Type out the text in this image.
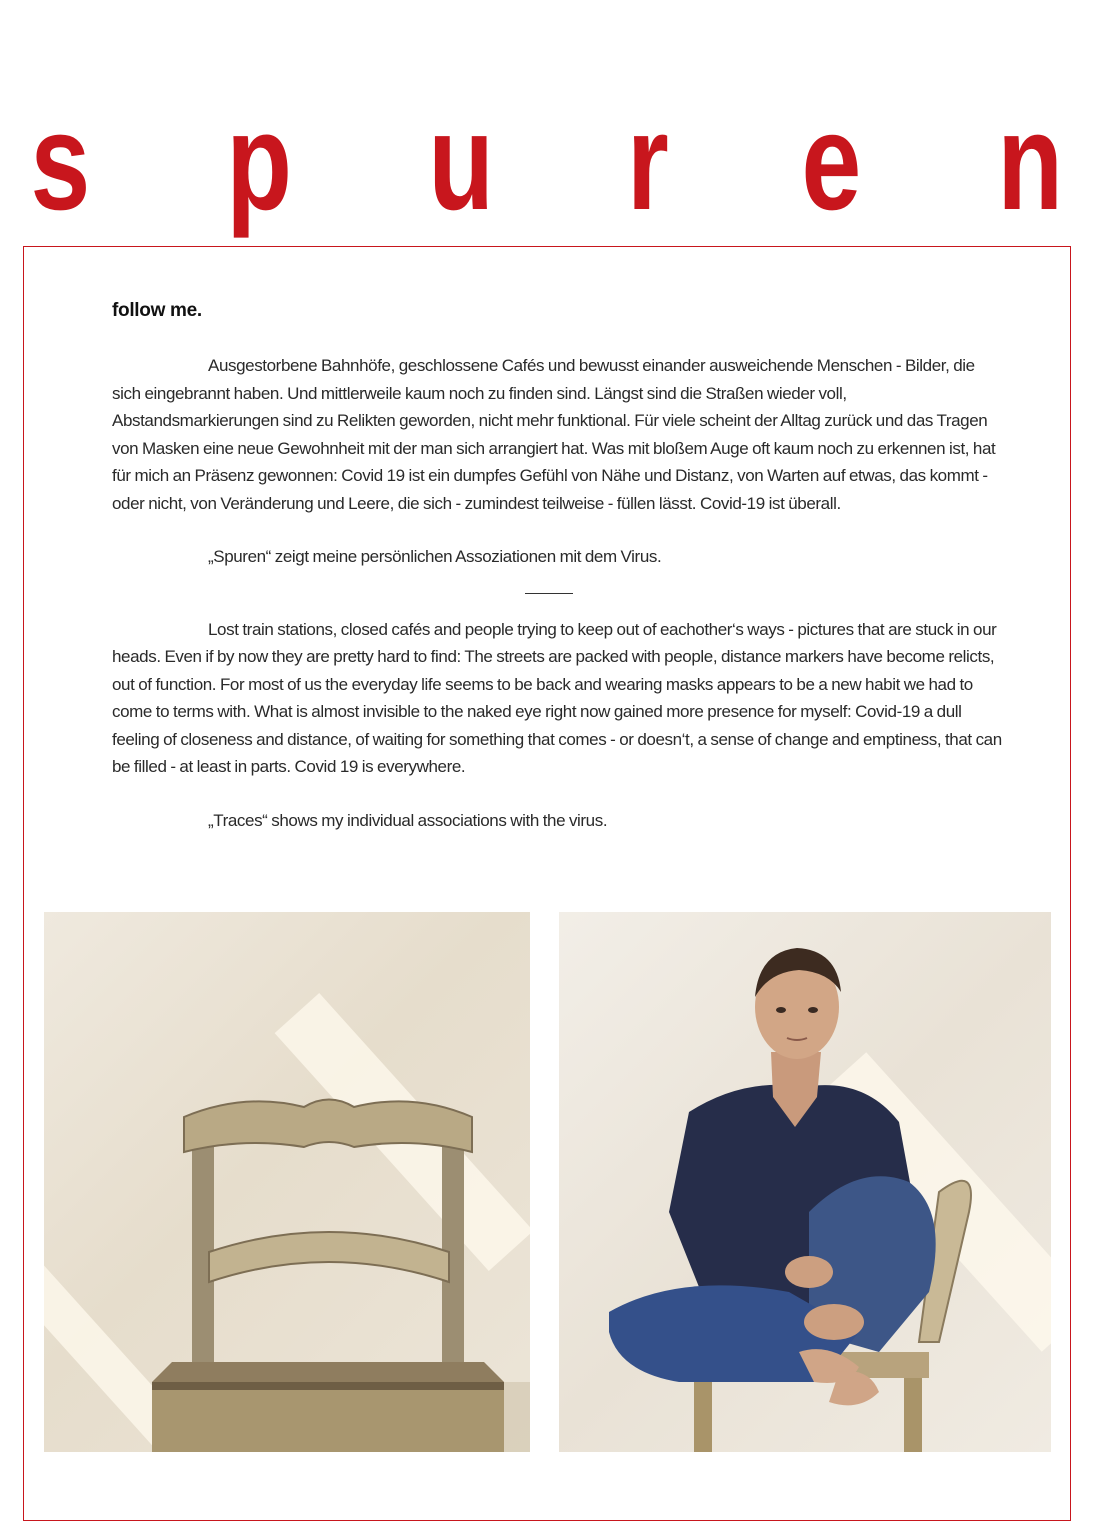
s p u r e n

follow me.

Ausgestorbene Bahnhöfe, geschlossene Cafés und bewusst einander ausweichende Menschen - Bilder, die sich eingebrannt haben. Und mittlerweile kaum noch zu finden sind. Längst sind die Straßen wieder voll, Abstandsmarkierungen sind zu Relikten geworden, nicht mehr funktional. Für viele scheint der Alltag zurück und das Tragen von Masken eine neue Gewohnheit mit der man sich arrangiert hat. Was mit bloßem Auge oft kaum noch zu erkennen ist, hat für mich an Präsenz gewonnen: Covid 19 ist ein dumpfes Gefühl von Nähe und Distanz, von Warten auf etwas, das kommt - oder nicht, von Veränderung und Leere, die sich - zumindest teilweise - füllen lässt. Covid-19 ist überall.

„Spuren“ zeigt meine persönlichen Assoziationen mit dem Virus.

Lost train stations, closed cafés and people trying to keep out of eachother‘s ways - pictures that are stuck in our heads. Even if by now they are pretty hard to find: The streets are packed with people, distance markers have become relicts, out of function. For most of us the everyday life seems to be back and wearing masks appears to be a new habit we had to come to terms with. What is almost invisible to the naked eye right now gained more presence for myself: Covid-19 a dull feeling of closeness and distance, of waiting for something that comes - or doesn‘t, a sense of change and emptiness, that can be filled - at least in parts. Covid 19 is everywhere.

„Traces“ shows my individual associations with the virus.
